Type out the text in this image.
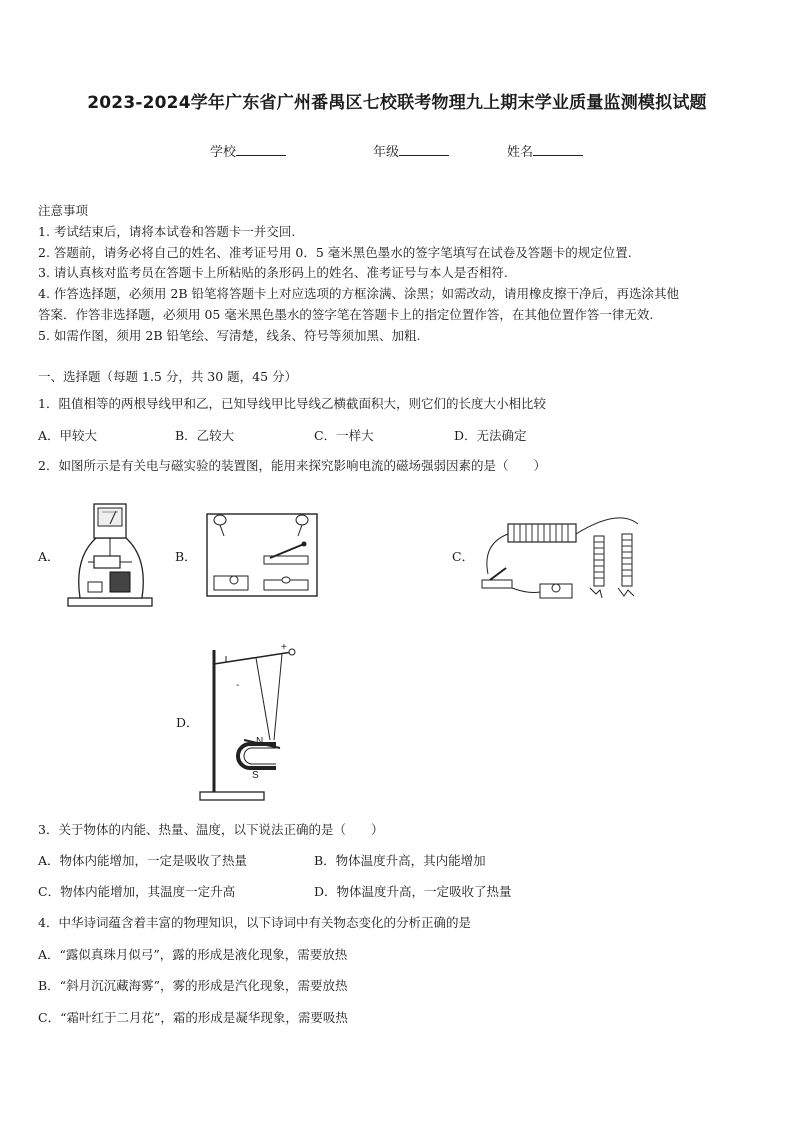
2023-2024学年广东省广州番禺区七校联考物理九上期末学业质量监测模拟试题
学校	年级	姓名
注意事项
1. 考试结束后，请将本试卷和答题卡一并交回.
2. 答题前，请务必将自己的姓名、准考证号用 0．5 毫米黑色墨水的签字笔填写在试卷及答题卡的规定位置.
3. 请认真核对监考员在答题卡上所粘贴的条形码上的姓名、准考证号与本人是否相符.
4. 作答选择题，必须用 2B 铅笔将答题卡上对应选项的方框涂满、涂黑；如需改动，请用橡皮擦干净后，再选涂其他
答案．作答非选择题，必须用 05 毫米黑色墨水的签字笔在答题卡上的指定位置作答，在其他位置作答一律无效.
5. 如需作图，须用 2B 铅笔绘、写清楚，线条、符号等须加黑、加粗.
一、选择题（每题 1.5 分，共 30 题，45 分）
1．阻值相等的两根导线甲和乙，已知导线甲比导线乙横截面积大，则它们的长度大小相比较
A．甲较大	B．乙较大	C．一样大	D．无法确定
2．如图所示是有关电与磁实验的装置图，能用来探究影响电流的磁场强弱因素的是（　　）
A．	B．	C．
D．
+
-
N
S
3．关于物体的内能、热量、温度，以下说法正确的是（　　）
A．物体内能增加，一定是吸收了热量	B．物体温度升高，其内能增加
C．物体内能增加，其温度一定升高	D．物体温度升高，一定吸收了热量
4．中华诗词蕴含着丰富的物理知识，以下诗词中有关物态变化的分析正确的是
A．“露似真珠月似弓”，露的形成是液化现象，需要放热
B．“斜月沉沉藏海雾”，雾的形成是汽化现象，需要放热
C．“霜叶红于二月花”，霜的形成是凝华现象，需要吸热
